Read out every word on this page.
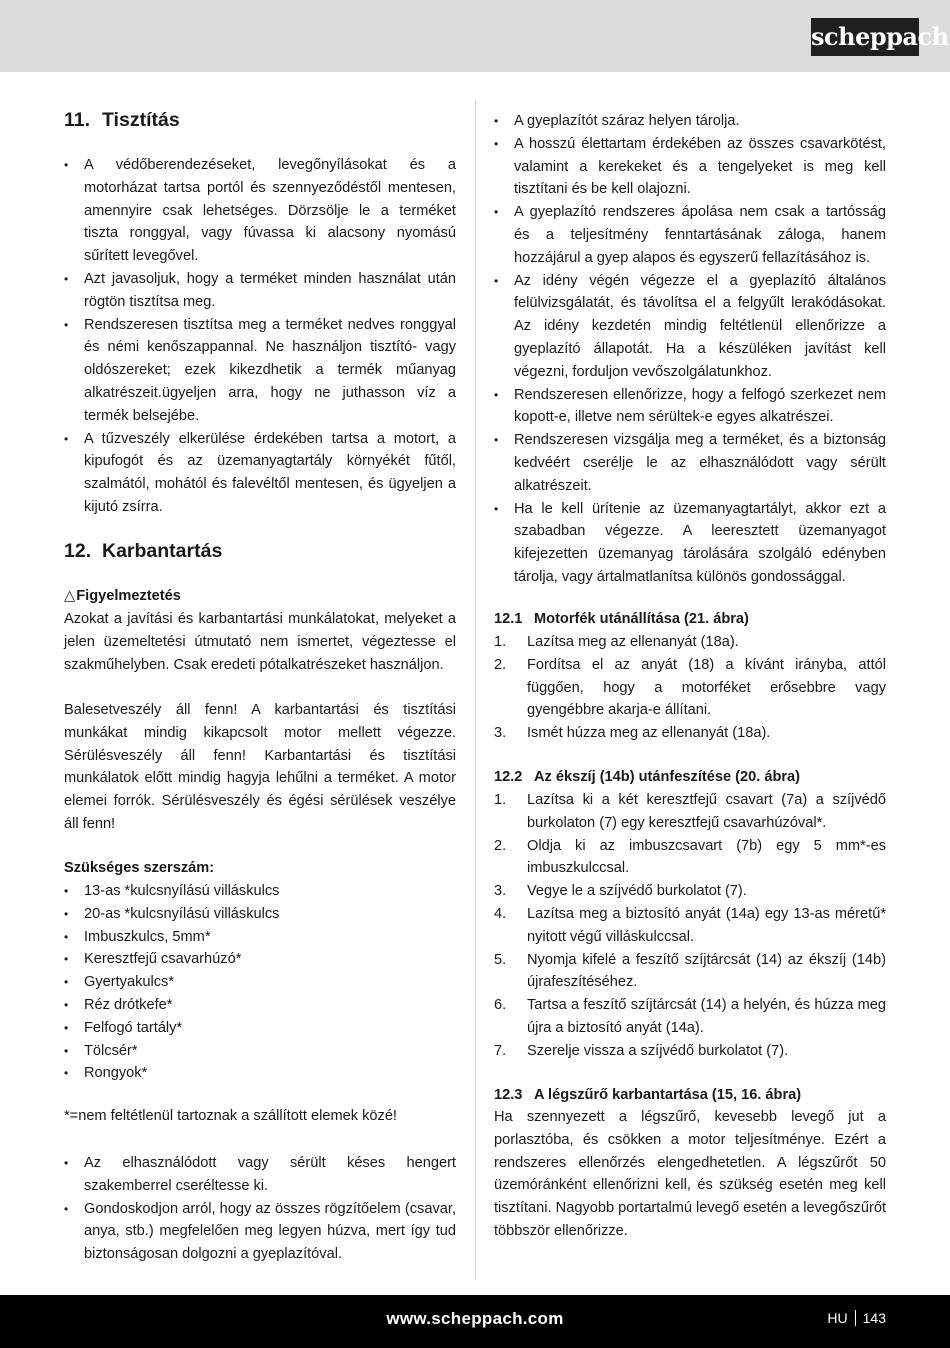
scheppach
11. Tisztítás
• A védőberendezéseket, levegőnyílásokat és a motorházat tartsa portól és szennyeződéstől mentesen, amennyire csak lehetséges. Dörzsölje le a terméket tiszta ronggyal, vagy fúvassa ki alacsony nyomású sűrített levegővel.
• Azt javasoljuk, hogy a terméket minden használat után rögtön tisztítsa meg.
• Rendszeresen tisztítsa meg a terméket nedves ronggyal és némi kenőszappannal. Ne használjon tisztító- vagy oldószereket; ezek kikezdhetik a termék műanyag alkatrészeit.ügyeljen arra, hogy ne juthasson víz a termék belsejébe.
• A tűzveszély elkerülése érdekében tartsa a motort, a kipufogót és az üzemanyagtartály környékét fűtől, szalmától, mohától és falevéltől mentesen, és ügyeljen a kijutó zsírra.
12. Karbantartás

△Figyelmeztetés

Azokat a javítási és karbantartási munkálatokat, melyeket a jelen üzemeltetési útmutató nem ismertet, végeztesse el szakműhelyben. Csak eredeti pótalkatrészeket használjon.

Balesetveszély áll fenn! A karbantartási és tisztítási munkákat mindig kikapcsolt motor mellett végezze. Sérülésveszély áll fenn! Karbantartási és tisztítási munkálatok előtt mindig hagyja lehűlni a terméket. A motor elemei forrók. Sérülésveszély és égési sérülések veszélye áll fenn!

Szükséges szerszám:

• 13-as *kulcsnyílású villáskulcs
• 20-as *kulcsnyílású villáskulcs
• Imbuszkulcs, 5mm*
• Keresztfejű csavarhúzó*
• Gyertyakulcs*
• Réz drótkefe*
• Felfogó tartály*
• Tölcsér*
• Rongyok*

*=nem feltétlenül tartoznak a szállított elemek közé!

• Az elhasználódott vagy sérült késes hengert szakemberrel cseréltesse ki.
• Gondoskodjon arról, hogy az összes rögzítőelem (csavar, anya, stb.) megfelelően meg legyen húzva, mert így tud biztonságosan dolgozni a gyeplazítóval.
• A gyeplazítót száraz helyen tárolja.
• A hosszú élettartam érdekében az összes csavarkötést, valamint a kerekeket és a tengelyeket is meg kell tisztítani és be kell olajozni.
• A gyeplazító rendszeres ápolása nem csak a tartósság és a teljesítmény fenntartásának záloga, hanem hozzájárul a gyep alapos és egyszerű fellazításához is.
• Az idény végén végezze el a gyeplazító általános felülvizsgálatát, és távolítsa el a felgyűlt lerakódásokat. Az idény kezdetén mindig feltétlenül ellenőrizze a gyeplazító állapotát. Ha a készüléken javítást kell végezni, forduljon vevőszolgálatunkhoz.
• Rendszeresen ellenőrizze, hogy a felfogó szerkezet nem kopott-e, illetve nem sérültek-e egyes alkatrészei.
• Rendszeresen vizsgálja meg a terméket, és a biztonság kedvéért cserélje le az elhasználódott vagy sérült alkatrészeit.
• Ha le kell ürítenie az üzemanyagtartályt, akkor ezt a szabadban végezze. A leeresztett üzemanyagot kifejezetten üzemanyag tárolására szolgáló edényben tárolja, vagy ártalmatlanítsa különös gondossággal.

12.1 Motorfék utánállítása (21. ábra)

1. Lazítsa meg az ellenanyát (18a).
2. Fordítsa el az anyát (18) a kívánt irányba, attól függően, hogy a motorféket erősebbre vagy gyengébbre akarja-e állítani.
3. Ismét húzza meg az ellenanyát (18a).

12.2 Az ékszíj (14b) utánfeszítése (20. ábra)

1. Lazítsa ki a két keresztfejű csavart (7a) a szíjvédő burkolaton (7) egy keresztfejű csavarhúzóval*.
2. Oldja ki az imbuszcsavart (7b) egy 5 mm*-es imbuszkulccsal.
3. Vegye le a szíjvédő burkolatot (7).
4. Lazítsa meg a biztosító anyát (14a) egy 13-as méretű* nyitott végű villáskulccsal.
5. Nyomja kifelé a feszítő szíjtárcsát (14) az ékszíj (14b) újrafeszítéséhez.
6. Tartsa a feszítő szíjtárcsát (14) a helyén, és húzza meg újra a biztosító anyát (14a).
7. Szerelje vissza a szíjvédő burkolatot (7).

12.3 A légszűrő karbantartása (15, 16. ábra)

Ha szennyezett a légszűrő, kevesebb levegő jut a porlasztóba, és csökken a motor teljesítménye. Ezért a rendszeres ellenőrzés elengedhetetlen. A légszűrőt 50 üzemóránként ellenőrizni kell, és szükség esetén meg kell tisztítani. Nagyobb portartalmú levegő esetén a levegőszűrőt többször ellenőrizze.

www.scheppach.com	HU 143
